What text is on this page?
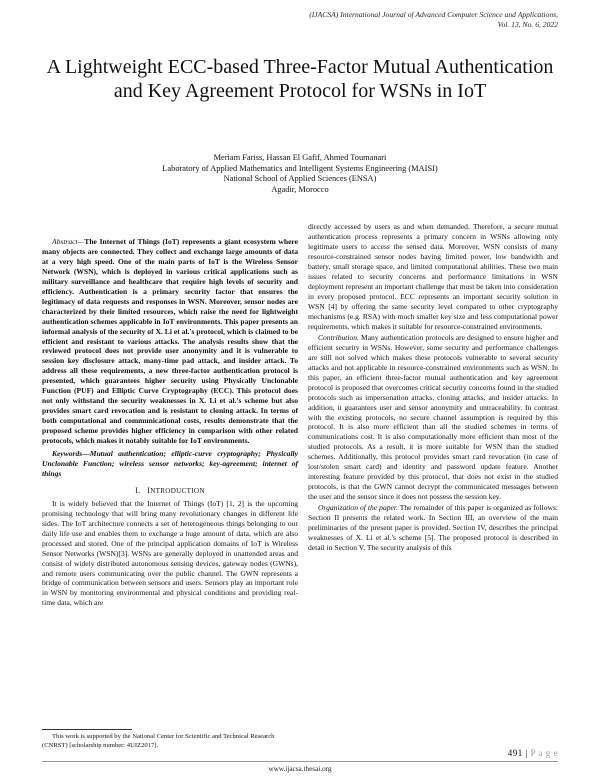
(IJACSA) International Journal of Advanced Computer Science and Applications,
Vol. 13, No. 6, 2022
A Lightweight ECC-based Three-Factor Mutual Authentication and Key Agreement Protocol for WSNs in IoT
Meriam Fariss, Hassan El Gafif, Ahmed Toumanari
Laboratory of Applied Mathematics and Intelligent Systems Engineering (MAISI)
National School of Applied Sciences (ENSA)
Agadir, Morocco

Abstract—The Internet of Things (IoT) represents a giant ecosystem where many objects are connected. They collect and exchange large amounts of data at a very high speed. One of the main parts of IoT is the Wireless Sensor Network (WSN), which is deployed in various critical applications such as military surveillance and healthcare that require high levels of security and efficiency. Authentication is a primary security factor that ensures the legitimacy of data requests and responses in WSN. Moreover, sensor nodes are characterized by their limited resources, which raise the need for lightweight authentication schemes applicable in IoT environments. This paper presents an informal analysis of the security of X. Li et al.'s protocol, which is claimed to be efficient and resistant to various attacks. The analysis results show that the reviewed protocol does not provide user anonymity and it is vulnerable to session key disclosure attack, many-time pad attack, and insider attack. To address all these requirements, a new three-factor authentication protocol is presented, which guarantees higher security using Physically Unclonable Function (PUF) and Elliptic Curve Cryptography (ECC). This protocol does not only withstand the security weaknesses in X. Li et al.'s scheme but also provides smart card revocation and is resistant to cloning attack. In terms of both computational and communicational costs, results demonstrate that the proposed scheme provides higher efficiency in comparison with other related protocols, which makes it notably suitable for IoT environments.

Keywords—Mutual authentication; elliptic-curve cryptography; Physically Unclonable Function; wireless sensor networks; key-agreement; internet of things

I. INTRODUCTION

It is widely believed that the Internet of Things (IoT) [1, 2] is the upcoming promising technology that will bring many revolutionary changes in different life sides. The IoT architecture connects a set of heterogeneous things belonging to our daily life use and enables them to exchange a huge amount of data, which are also processed and stored. One of the principal application domains of IoT is Wireless Sensor Networks (WSN)[3]. WSNs are generally deployed in unattended areas and consist of widely distributed autonomous sensing devices, gateway nodes (GWNs), and remote users communicating over the public channel. The GWN represents a bridge of communication between sensors and users. Sensors play an important role in WSN by monitoring environmental and physical conditions and providing real-time data, which are

directly accessed by users as and when demanded. Therefore, a secure mutual authentication process represents a primary concern in WSNs allowing only legitimate users to access the sensed data. Moreover, WSN consists of many resource-constrained sensor nodes having limited power, low bandwidth and battery, small storage space, and limited computational abilities. These two main issues related to security concerns and performance limitations in WSN deployment represent an important challenge that must be taken into consideration in every proposed protocol. ECC represents an important security solution in WSN [4] by offering the same security level compared to other cryptography mechanisms (e.g. RSA) with much smaller key size and less computational power requirements, which makes it suitable for resource-constrained environments.

Contribution. Many authentication protocols are designed to ensure higher and efficient security in WSNs. However, some security and performance challenges are still not solved which makes these protocols vulnerable to several security attacks and not applicable in resource-constrained environments such as WSN. In this paper, an efficient three-factor mutual authentication and key agreement protocol is proposed that overcomes critical security concerns found in the studied protocols such as impersonation attacks, cloning attacks, and insider attacks. In addition, it guarantees user and sensor anonymity and untraceability. In contrast with the existing protocols, no secure channel assumption is required by this protocol. It is also more efficient than all the studied schemes in terms of communications cost. It is also computationally more efficient than most of the studied protocols. As a result, it is more suitable for WSN than the studied schemes. Additionally, this protocol provides smart card revocation (in case of lost/stolen smart card) and identity and password update feature. Another interesting feature provided by this protocol, that does not exist in the studied protocols, is that the GWN cannot decrypt the communicated messages between the user and the sensor since it does not possess the session key.

Organization of the paper. The remainder of this paper is organized as follows: Section II presents the related work. In Section III, an overview of the main preliminaries of the present paper is provided. Section IV, describes the principal weaknesses of X. Li et al.'s scheme [5]. The proposed protocol is described in detail in Section V. The security analysis of this

This work is supported by the National Center for Scientific and Technical Research (CNRST) [scholarship number: 4UIZ2017].
491 | P a g e
www.ijacsa.thesai.org
